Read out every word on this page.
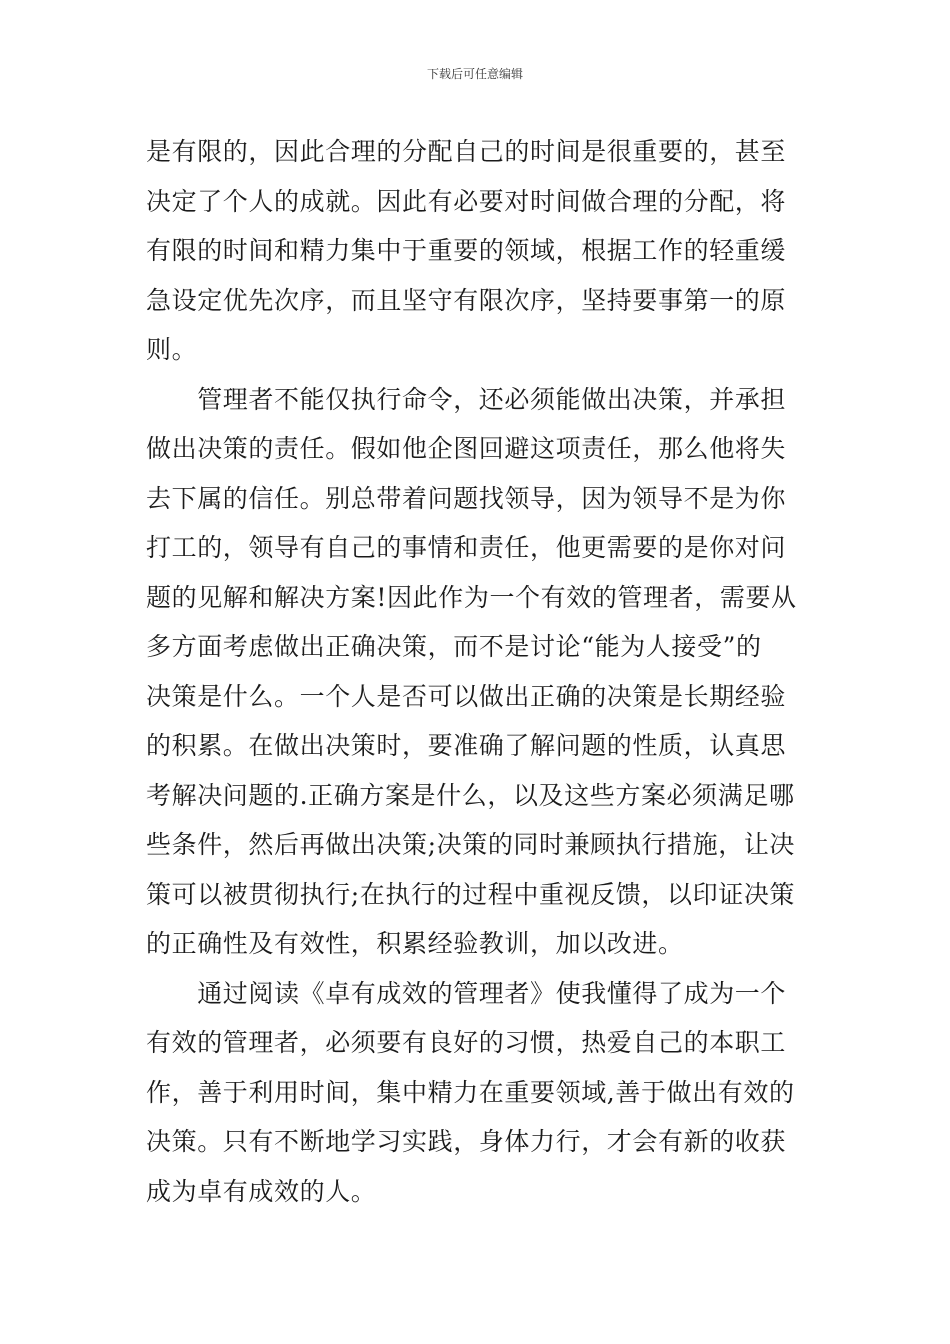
下载后可任意编辑
是有限的，因此合理的分配自己的时间是很重要的，甚至
决定了个人的成就。因此有必要对时间做合理的分配，将
有限的时间和精力集中于重要的领域，根据工作的轻重缓
急设定优先次序，而且坚守有限次序，坚持要事第一的原
则。
　　管理者不能仅执行命令，还必须能做出决策，并承担
做出决策的责任。假如他企图回避这项责任，那么他将失
去下属的信任。别总带着问题找领导，因为领导不是为你
打工的，领导有自己的事情和责任，他更需要的是你对问
题的见解和解决方案!因此作为一个有效的管理者，需要从
多方面考虑做出正确决策，而不是讨论“能为人接受”的
决策是什么。一个人是否可以做出正确的决策是长期经验
的积累。在做出决策时，要准确了解问题的性质，认真思
考解决问题的.正确方案是什么，以及这些方案必须满足哪
些条件，然后再做出决策;决策的同时兼顾执行措施，让决
策可以被贯彻执行;在执行的过程中重视反馈，以印证决策
的正确性及有效性，积累经验教训，加以改进。
　　通过阅读《卓有成效的管理者》使我懂得了成为一个
有效的管理者，必须要有良好的习惯，热爱自己的本职工
作，善于利用时间，集中精力在重要领域,善于做出有效的
决策。只有不断地学习实践，身体力行，才会有新的收获
成为卓有成效的人。
